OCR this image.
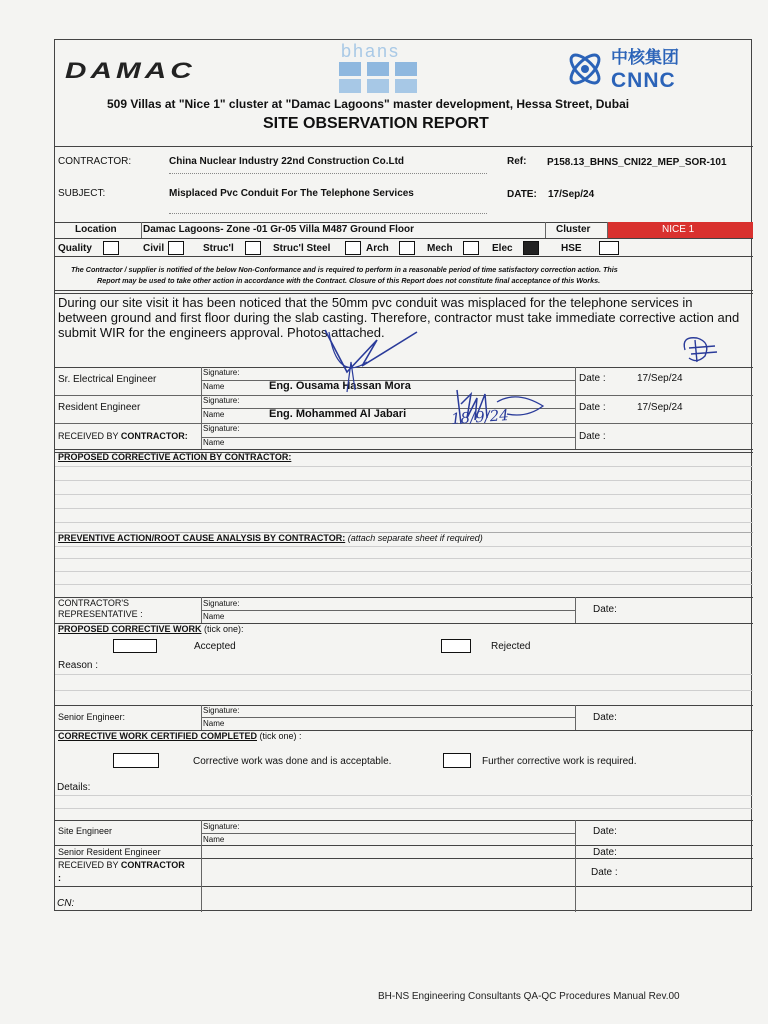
DAMAC
bhans	中核集团
CNNC
509 Villas at "Nice 1" cluster at "Damac Lagoons" master development, Hessa Street, Dubai
SITE OBSERVATION REPORT
CONTRACTOR:	China Nuclear Industry 22nd Construction Co.Ltd	Ref: P158.13_BHNS_CNI22_MEP_SOR-101
SUBJECT:	Misplaced Pvc Conduit For The Telephone Services	DATE: 17/Sep/24
Location	Damac Lagoons- Zone -01 Gr-05 Villa M487 Ground Floor	Cluster	NICE 1
Quality	Civil	Struc'l	Struc'l Steel	Arch	Mech	Elec	HSE
The Contractor / supplier is notified of the below Non-Conformance and is required to perform in a reasonable period of time satisfactory correction action. This
Report may be used to take other action in accordance with the Contract. Closure of this Report does not constitute final acceptance of this Works.
During our site visit it has been noticed that the 50mm pvc conduit was misplaced for the telephone services in
between ground and first floor during the slab casting. Therefore, contractor must take immediate corrective action and
submit WIR for the engineers approval. Photos attached.
Sr. Electrical Engineer
Signature:
Name	Eng. Ousama Hassan Mora
Date :	17/Sep/24
Resident Engineer
Signature:
Name	Eng. Mohammed Al Jabari
Date :	17/Sep/24
RECEIVED BY CONTRACTOR:
Signature:
Name
Date :
18/9/24
PROPOSED CORRECTIVE ACTION BY CONTRACTOR:
PREVENTIVE ACTION/ROOT CAUSE ANALYSIS BY CONTRACTOR: (attach separate sheet if required)
CONTRACTOR'S
REPRESENTATIVE :
Signature:
Name
Date:
PROPOSED CORRECTIVE WORK (tick one):
Accepted	Rejected
Reason :
Senior Engineer:
Signature:
Name
Date:
CORRECTIVE WORK CERTIFIED COMPLETED (tick one) :
Corrective work was done and is acceptable.	Further corrective work is required.
Details:
Site Engineer	Signature:
Name
Date:
Senior Resident Engineer	Date:
RECEIVED BY CONTRACTOR
:	Date :
CN:
BH-NS Engineering Consultants QA-QC Procedures Manual Rev.00
